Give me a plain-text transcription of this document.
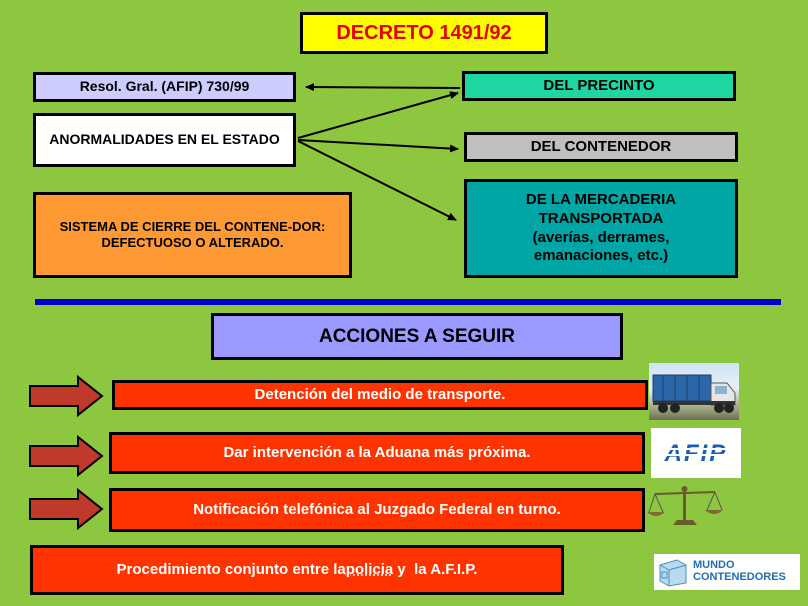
DECRETO 1491/92
Resol. Gral. (AFIP) 730/99
ANORMALIDADES EN EL ESTADO
SISTEMA DE CIERRE DEL CONTENE-DOR: DEFECTUOSO O ALTERADO.
DEL PRECINTO
DEL CONTENEDOR
DE LA MERCADERIA
TRANSPORTADA
(averías, derrames,
emanaciones, etc.)
ACCIONES A SEGUIR
Detención del medio de transporte.
Dar intervención a la Aduana más próxima.
Notificación telefónica al Juzgado Federal en turno.
Procedimiento conjunto entre la policia y  la A.F.I.P.
AFIP
MUNDO
CONTENEDORES
